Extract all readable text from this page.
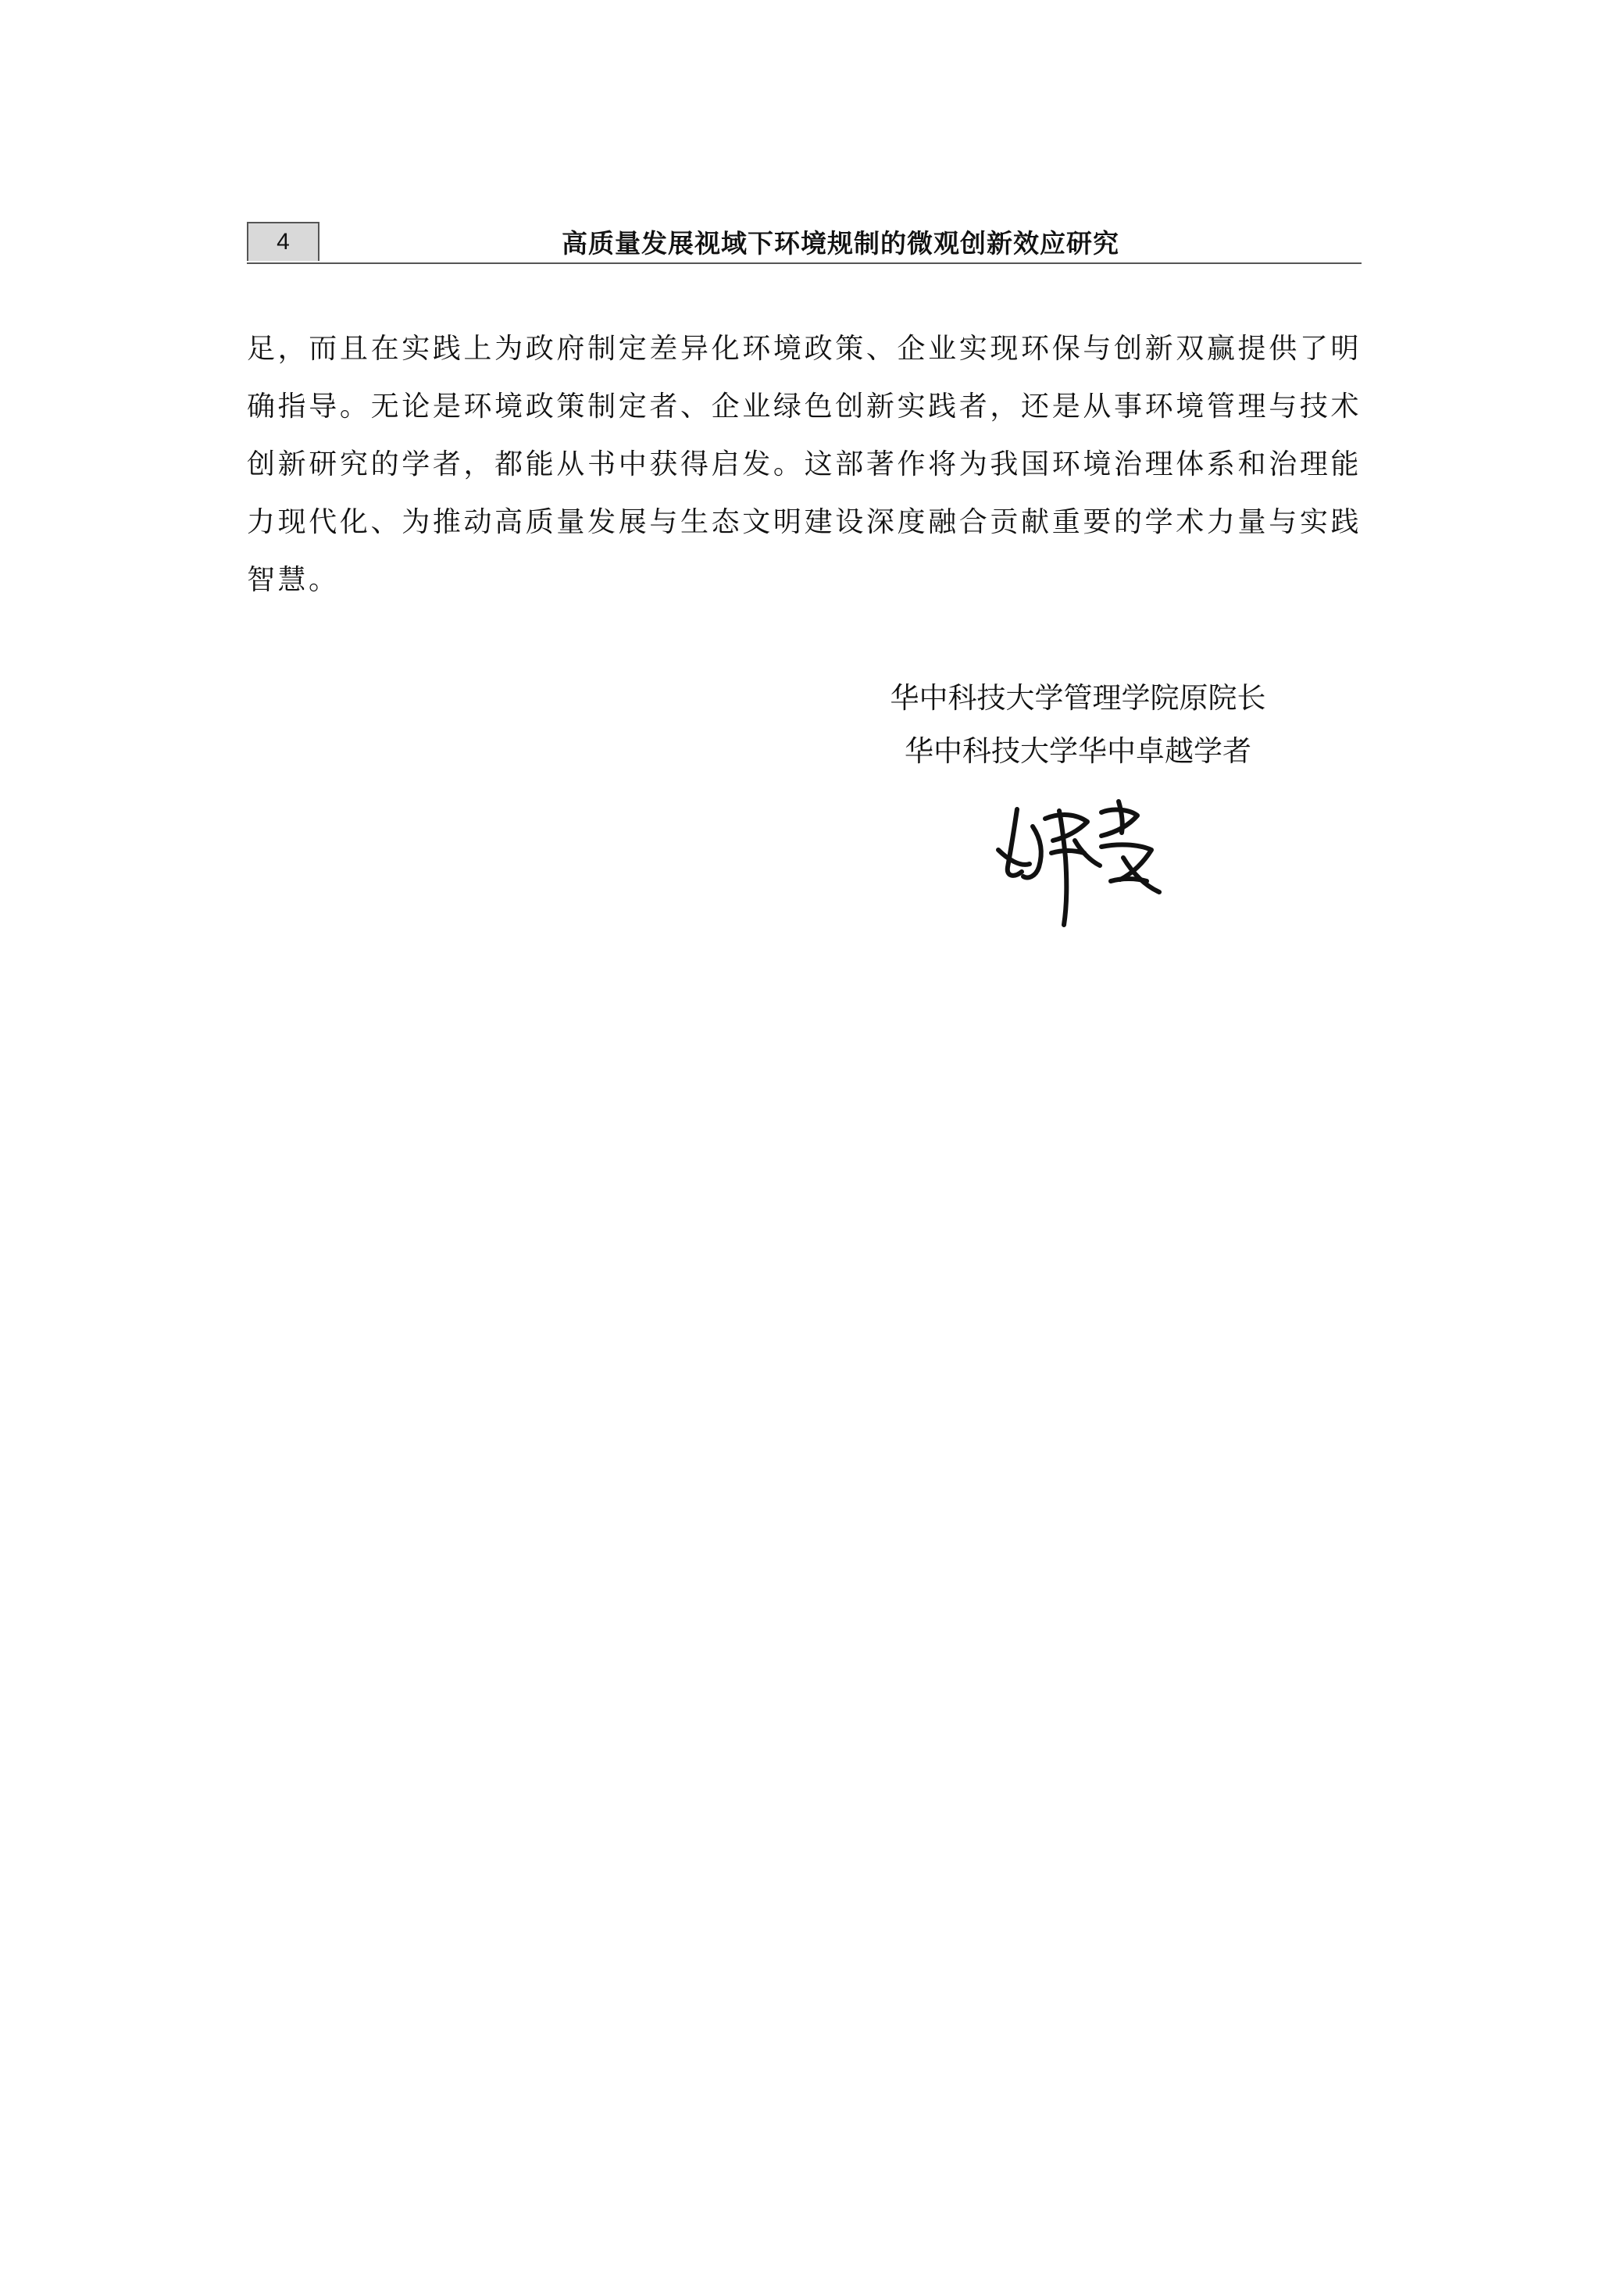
4	高质量发展视域下环境规制的微观创新效应研究

足，而且在实践上为政府制定差异化环境政策、企业实现环保与创新双赢提供了明确指导。无论是环境政策制定者、企业绿色创新实践者，还是从事环境管理与技术创新研究的学者，都能从书中获得启发。这部著作将为我国环境治理体系和治理能力现代化、为推动高质量发展与生态文明建设深度融合贡献重要的学术力量与实践智慧。

华中科技大学管理学院原院长
华中科技大学华中卓越学者
